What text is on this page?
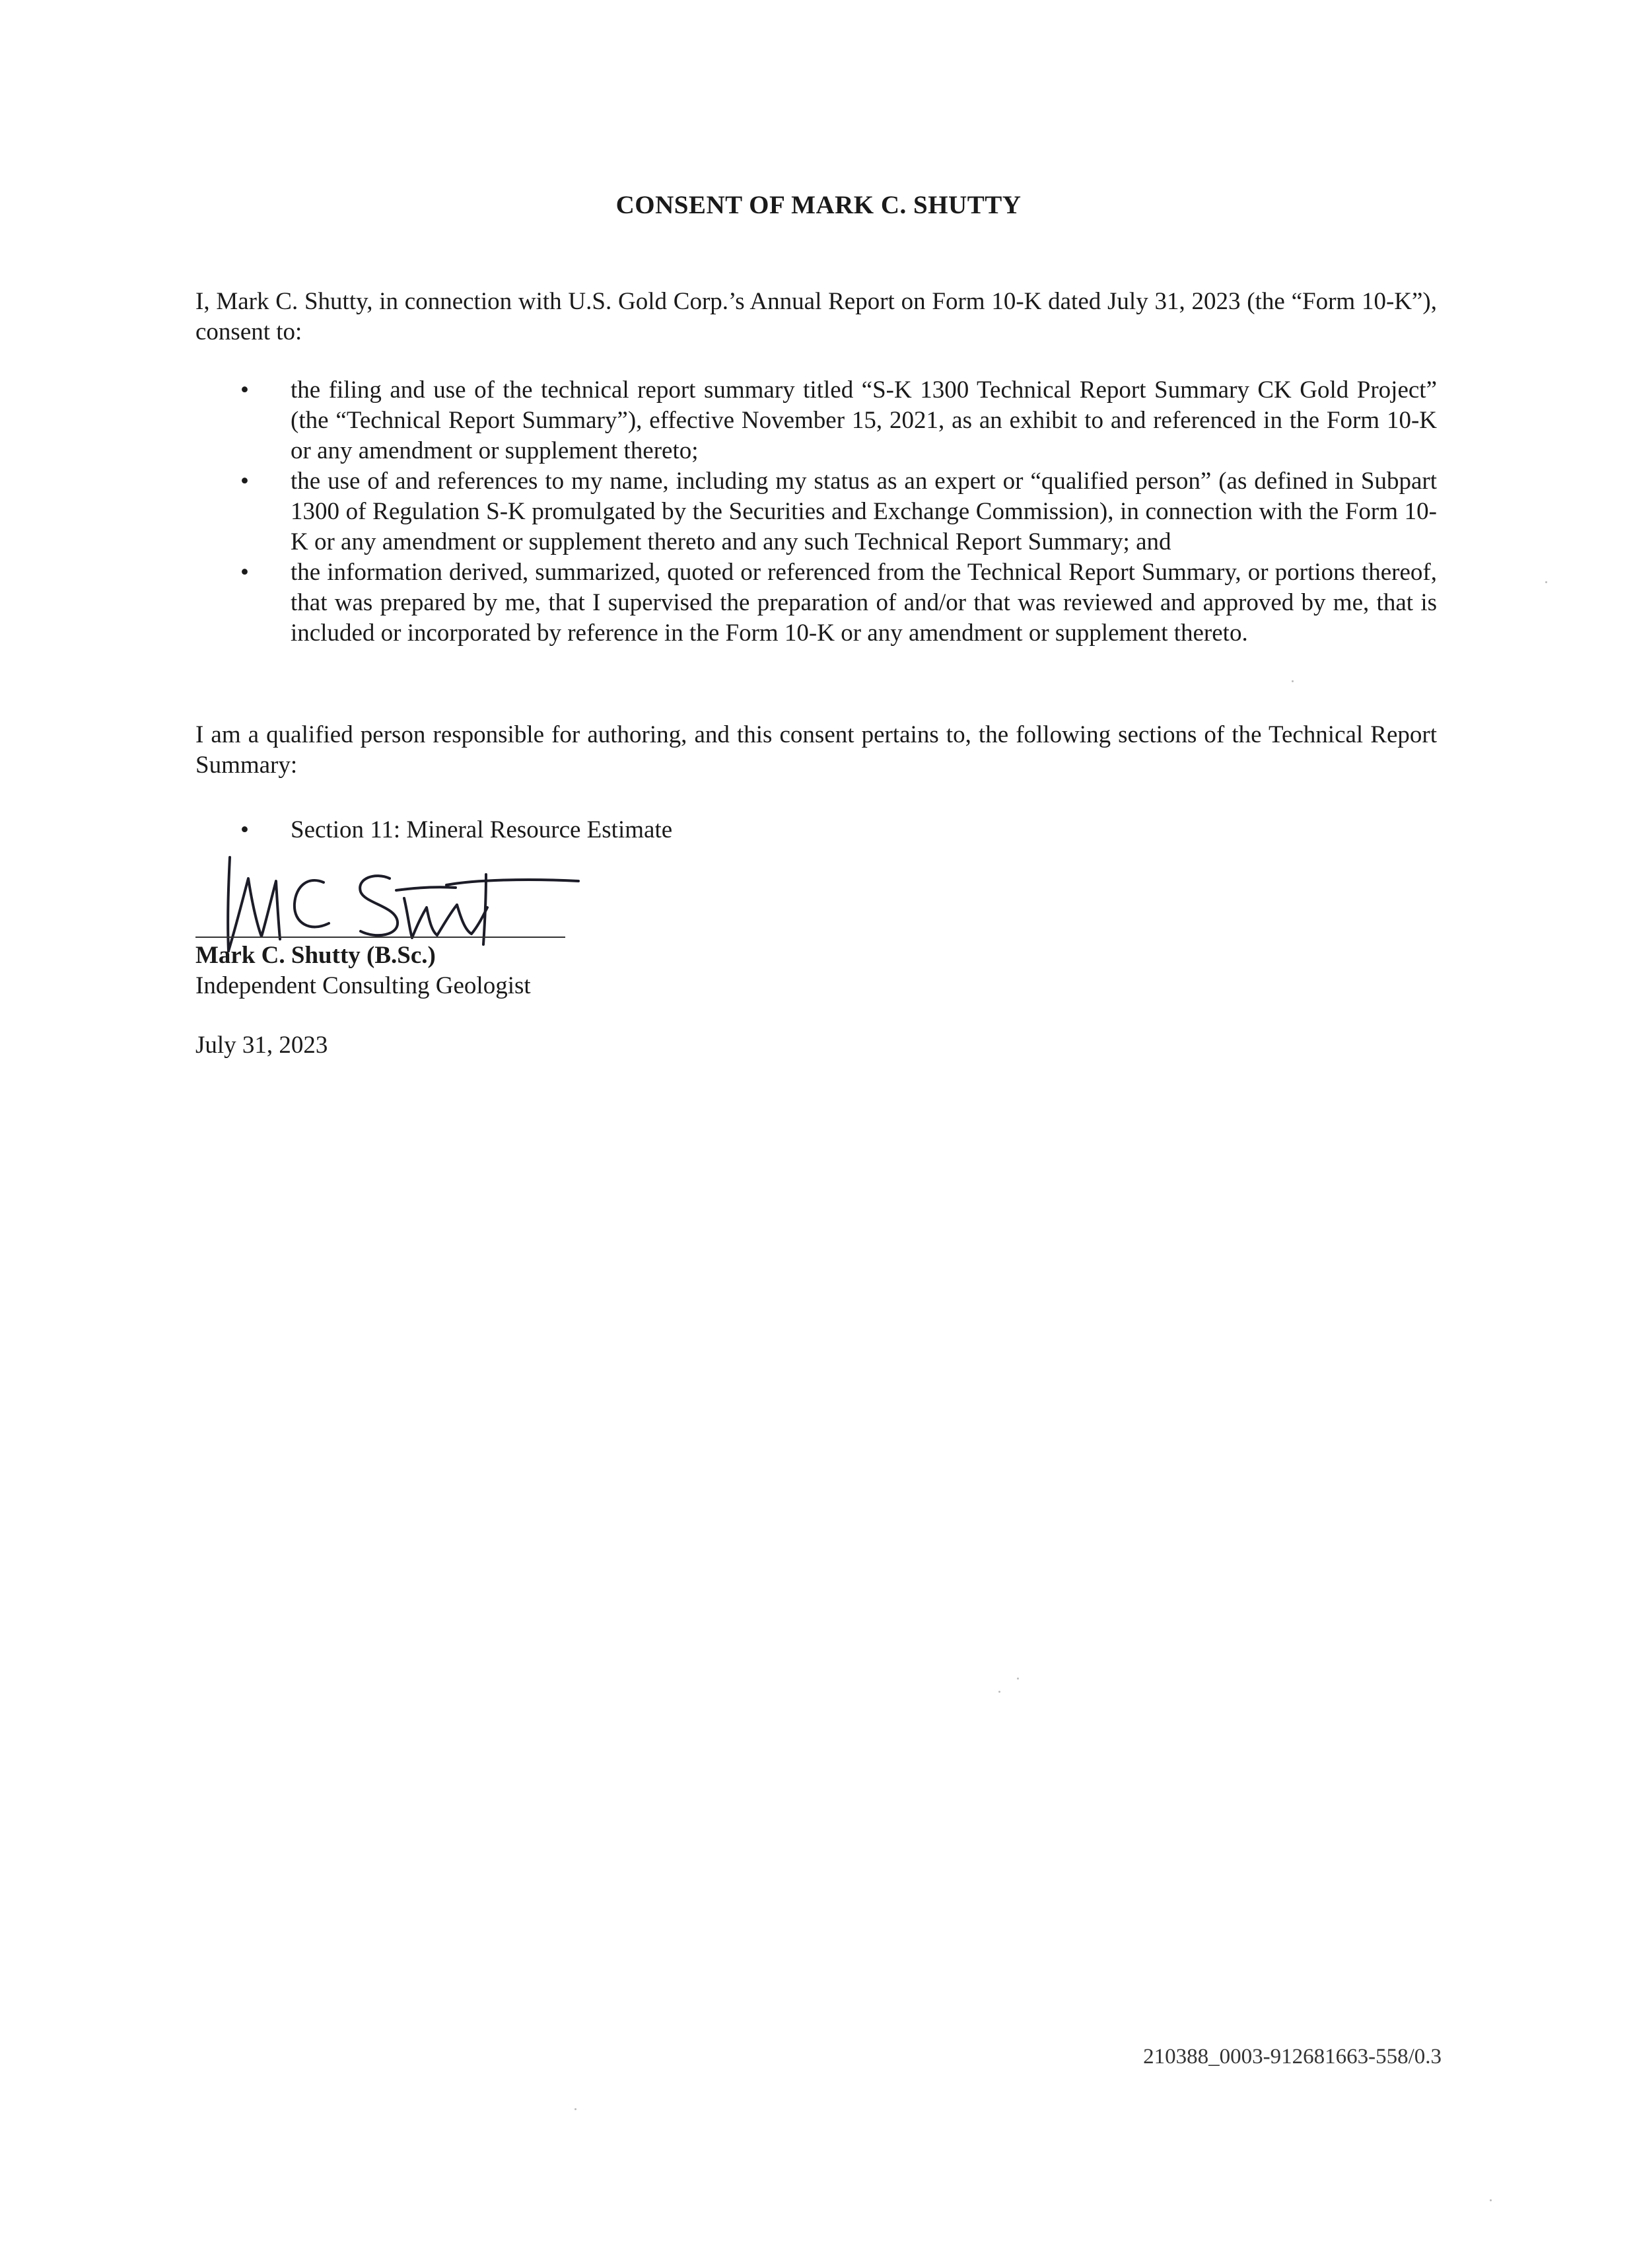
CONSENT OF MARK C. SHUTTY

I, Mark C. Shutty, in connection with U.S. Gold Corp.’s Annual Report on Form 10-K dated July 31, 2023 (the “Form 10-K”), consent to:

• the filing and use of the technical report summary titled “S-K 1300 Technical Report Summary CK Gold Project” (the “Technical Report Summary”), effective November 15, 2021, as an exhibit to and referenced in the Form 10-K or any amendment or supplement thereto;
• the use of and references to my name, including my status as an expert or “qualified person” (as defined in Subpart 1300 of Regulation S-K promulgated by the Securities and Exchange Commission), in connection with the Form 10-K or any amendment or supplement thereto and any such Technical Report Summary; and
• the information derived, summarized, quoted or referenced from the Technical Report Summary, or portions thereof, that was prepared by me, that I supervised the preparation of and/or that was reviewed and approved by me, that is included or incorporated by reference in the Form 10-K or any amendment or supplement thereto.

I am a qualified person responsible for authoring, and this consent pertains to, the following sections of the Technical Report Summary:

• Section 11: Mineral Resource Estimate

Mark C. Shutty (B.Sc.)

Independent Consulting Geologist

July 31, 2023

210388_0003-912681663-558/0.3
